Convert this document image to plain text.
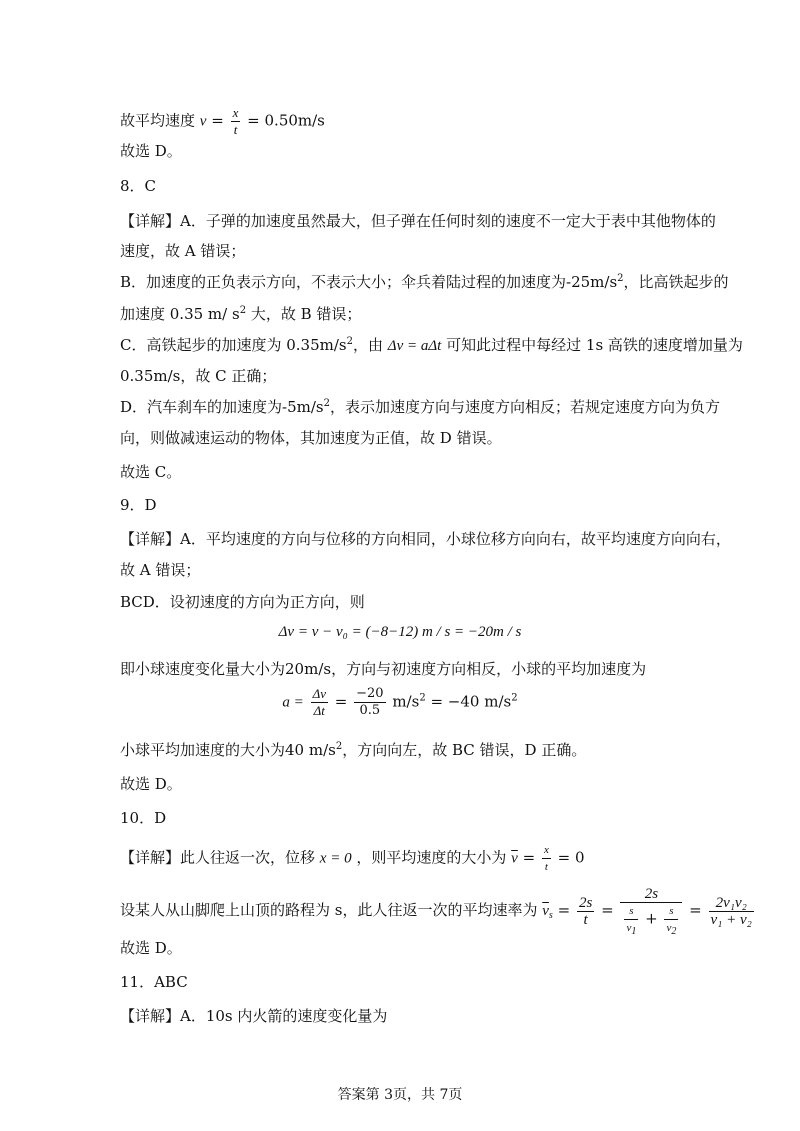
故平均速度 $v = \frac{x}{t} = 0.50m/s$
故选 D。
8．C
【详解】A．子弹的加速度虽然最大，但子弹在任何时刻的速度不一定大于表中其他物体的
速度，故 A 错误；
B．加速度的正负表示方向，不表示大小；伞兵着陆过程的加速度为$-25m/s^2$，比高铁起步的
加速度 0.35 m/ $s^2$ 大，故 B 错误；
C．高铁起步的加速度为 $0.35m/s^2$，由 Δv = aΔt 可知此过程中每经过 1s 高铁的速度增加量为
0.35m/s，故 C 正确；
D．汽车刹车的加速度为$-5m/s^2$，表示加速度方向与速度方向相反；若规定速度方向为负方
向，则做减速运动的物体，其加速度为正值，故 D 错误。
故选 C。
9．D
【详解】A．平均速度的方向与位移的方向相同，小球位移方向向右，故平均速度方向向右，
故 A 错误；
BCD．设初速度的方向为正方向，则
Δv = v − v₀ = (−8−12) m / s = −20m / s
即小球速度变化量大小为20m/s，方向与初速度方向相反，小球的平均加速度为
$a = \frac{\Delta v}{\Delta t} = \frac{-20}{0.5} m/s^2 = -40$ $m/s^2$
小球平均加速度的大小为40 $m/s^2$，方向向左，故 BC 错误，D 正确。
故选 D。
10．D
【详解】此人往返一次，位移 x = 0 ，则平均速度的大小为 $\overline{v} = \frac{x}{t} = 0$
设某人从山脚爬上山顶的路程为 s，此人往返一次的平均速率为 $\overline{v}_s = \frac{2s}{t}$ =
2s
$\frac{s}{v_1} + \frac{s}{v_2} = \frac{\text{2v₁v₂}}{\text{v₁ + v₂}}$
故选 D。
11．ABC
【详解】A．10s 内火箭的速度变化量为
答案第 3页，共 7页
